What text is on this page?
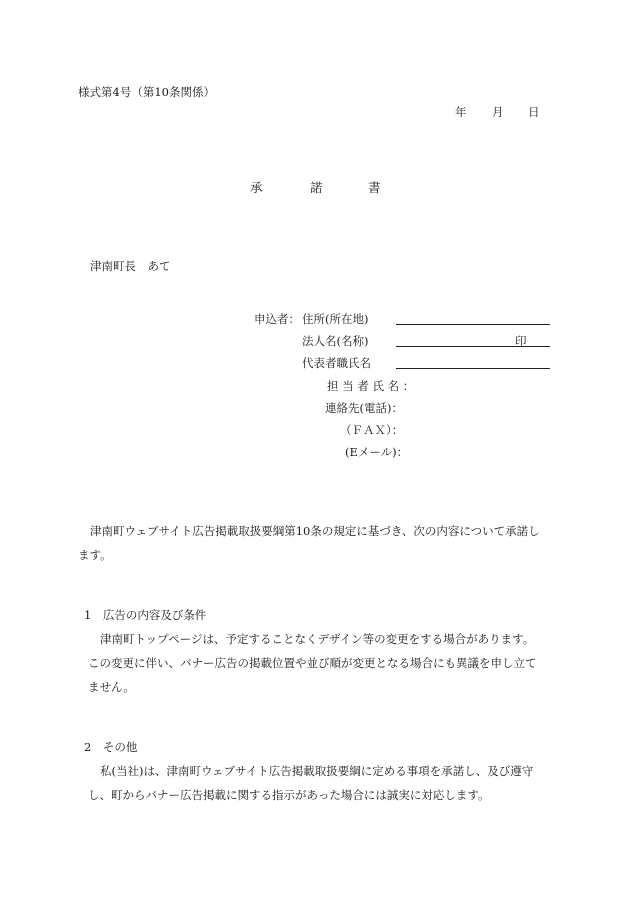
様式第4号（第10条関係）
年 月 日
承	諾	書
津南町長　あて
申込者： 住所(所在地)
法人名(名称)	印
代表者職氏名
担 当 者 氏 名 ：
連絡先(電話)：
（ＦＡＸ）：
(Eメール)：
津南町ウェブサイト広告掲載取扱要綱第10条の規定に基づき、次の内容について承諾し
ます。
1　広告の内容及び条件
津南町トップページは、予定することなくデザイン等の変更をする場合があります。
この変更に伴い、バナー広告の掲載位置や並び順が変更となる場合にも異議を申し立て
ません。
2　その他
私(当社)は、津南町ウェブサイト広告掲載取扱要綱に定める事項を承諾し、及び遵守
し、町からバナー広告掲載に関する指示があった場合には誠実に対応します。
